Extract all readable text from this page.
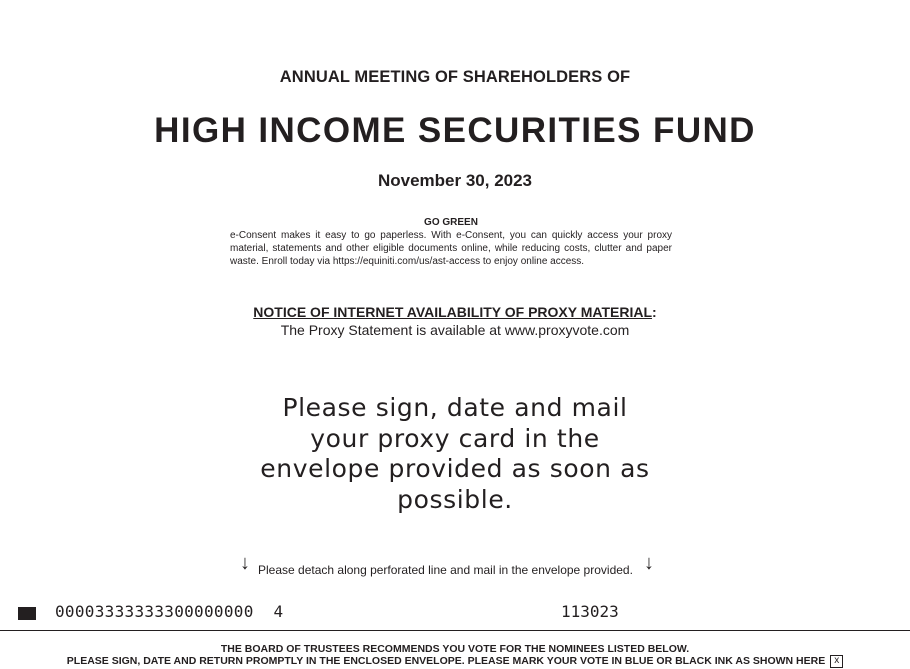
ANNUAL MEETING OF SHAREHOLDERS OF
HIGH INCOME SECURITIES FUND
November 30, 2023
GO GREEN
e-Consent makes it easy to go paperless. With e-Consent, you can quickly access your proxy material, statements and other eligible documents online, while reducing costs, clutter and paper waste. Enroll today via https://equiniti.com/us/ast-access to enjoy online access.
NOTICE OF INTERNET AVAILABILITY OF PROXY MATERIAL:
The Proxy Statement is available at www.proxyvote.com
Please sign, date and mail your proxy card in the envelope provided as soon as possible.
↓ Please detach along perforated line and mail in the envelope provided. ↓
00003333333300000000  4	113023
THE BOARD OF TRUSTEES RECOMMENDS YOU VOTE FOR THE NOMINEES LISTED BELOW.
PLEASE SIGN, DATE AND RETURN PROMPTLY IN THE ENCLOSED ENVELOPE. PLEASE MARK YOUR VOTE IN BLUE OR BLACK INK AS SHOWN HERE x
